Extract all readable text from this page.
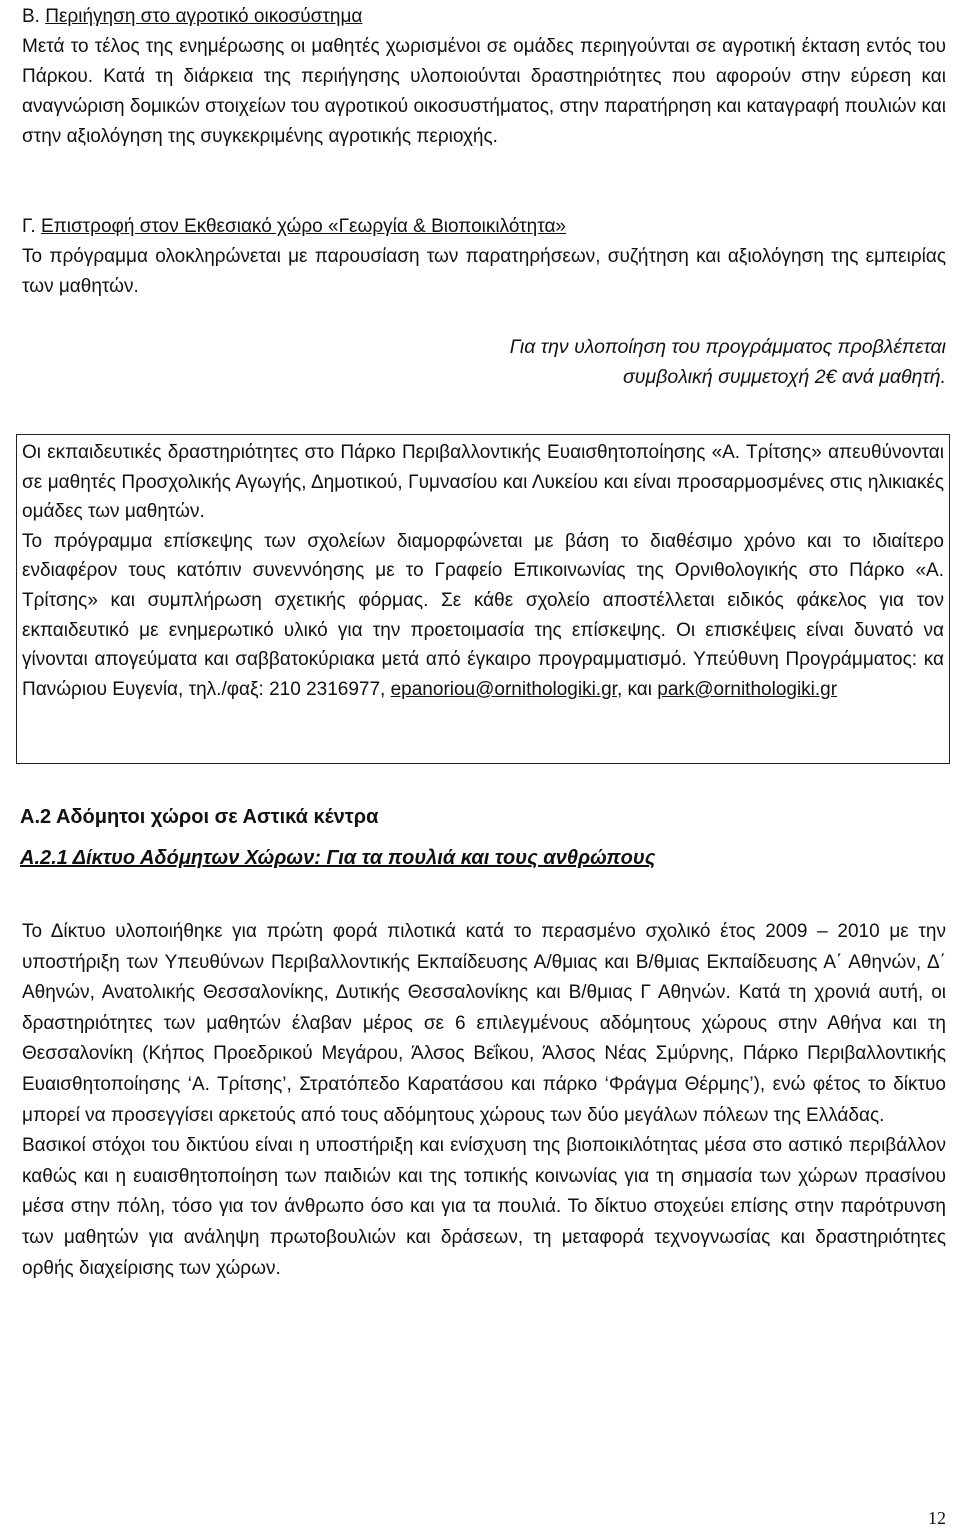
Β. Περιήγηση στο αγροτικό οικοσύστημα

Μετά το τέλος της ενημέρωσης οι μαθητές χωρισμένοι σε ομάδες περιηγούνται σε αγροτική έκταση εντός του Πάρκου. Κατά τη διάρκεια της περιήγησης υλοποιούνται δραστηριότητες που αφορούν στην εύρεση και αναγνώριση δομικών στοιχείων του αγροτικού οικοσυστήματος, στην παρατήρηση και καταγραφή πουλιών και στην αξιολόγηση της συγκεκριμένης αγροτικής περιοχής.

Γ. Επιστροφή στον Εκθεσιακό χώρο «Γεωργία & Βιοποικιλότητα»

Το πρόγραμμα ολοκληρώνεται με παρουσίαση των παρατηρήσεων, συζήτηση και αξιολόγηση της εμπειρίας των μαθητών.

Για την υλοποίηση του προγράμματος προβλέπεται
συμβολική συμμετοχή 2€ ανά μαθητή.

Οι εκπαιδευτικές δραστηριότητες στο Πάρκο Περιβαλλοντικής Ευαισθητοποίησης «Α. Τρίτσης» απευθύνονται σε μαθητές Προσχολικής Αγωγής, Δημοτικού, Γυμνασίου και Λυκείου και είναι προσαρμοσμένες στις ηλικιακές ομάδες των μαθητών.

Το πρόγραμμα επίσκεψης των σχολείων διαμορφώνεται με βάση το διαθέσιμο χρόνο και το ιδιαίτερο ενδιαφέρον τους κατόπιν συνεννόησης με το Γραφείο Επικοινωνίας της Ορνιθολογικής στο Πάρκο «Α. Τρίτσης» και συμπλήρωση σχετικής φόρμας. Σε κάθε σχολείο αποστέλλεται ειδικός φάκελος για τον εκπαιδευτικό με ενημερωτικό υλικό για την προετοιμασία της επίσκεψης. Οι επισκέψεις είναι δυνατό να γίνονται απογεύματα και σαββατοκύριακα μετά από έγκαιρο προγραμματισμό. Υπεύθυνη Προγράμματος: κα Πανώριου Ευγενία, τηλ./φαξ: 210 2316977, epanoriou@ornithologiki.gr, και park@ornithologiki.gr

Α.2 Αδόμητοι χώροι σε Αστικά κέντρα
Α.2.1 Δίκτυο Αδόμητων Χώρων: Για τα πουλιά και τους ανθρώπους

Το Δίκτυο υλοποιήθηκε για πρώτη φορά πιλοτικά κατά το περασμένο σχολικό έτος 2009 – 2010 με την υποστήριξη των Υπευθύνων Περιβαλλοντικής Εκπαίδευσης Α/θμιας και Β/θμιας Εκπαίδευσης Α΄ Αθηνών, Δ΄ Αθηνών, Ανατολικής Θεσσαλονίκης, Δυτικής Θεσσαλονίκης και Β/θμιας Γ Αθηνών. Κατά τη χρονιά αυτή, οι δραστηριότητες των μαθητών έλαβαν μέρος σε 6 επιλεγμένους αδόμητους χώρους στην Αθήνα και τη Θεσσαλονίκη (Κήπος Προεδρικού Μεγάρου, Άλσος Βεΐκου, Άλσος Νέας Σμύρνης, Πάρκο Περιβαλλοντικής Ευαισθητοποίησης ‘Α. Τρίτσης’, Στρατόπεδο Καρατάσου και πάρκο ‘Φράγμα Θέρμης’), ενώ φέτος το δίκτυο μπορεί να προσεγγίσει αρκετούς από τους αδόμητους χώρους των δύο μεγάλων πόλεων της Ελλάδας.

Βασικοί στόχοι του δικτύου είναι η υποστήριξη και ενίσχυση της βιοποικιλότητας μέσα στο αστικό περιβάλλον καθώς και η ευαισθητοποίηση των παιδιών και της τοπικής κοινωνίας για τη σημασία των χώρων πρασίνου μέσα στην πόλη, τόσο για τον άνθρωπο όσο και για τα πουλιά. Το δίκτυο στοχεύει επίσης στην παρότρυνση των μαθητών για ανάληψη πρωτοβουλιών και δράσεων, τη μεταφορά τεχνογνωσίας και δραστηριότητες ορθής διαχείρισης των χώρων.

12
